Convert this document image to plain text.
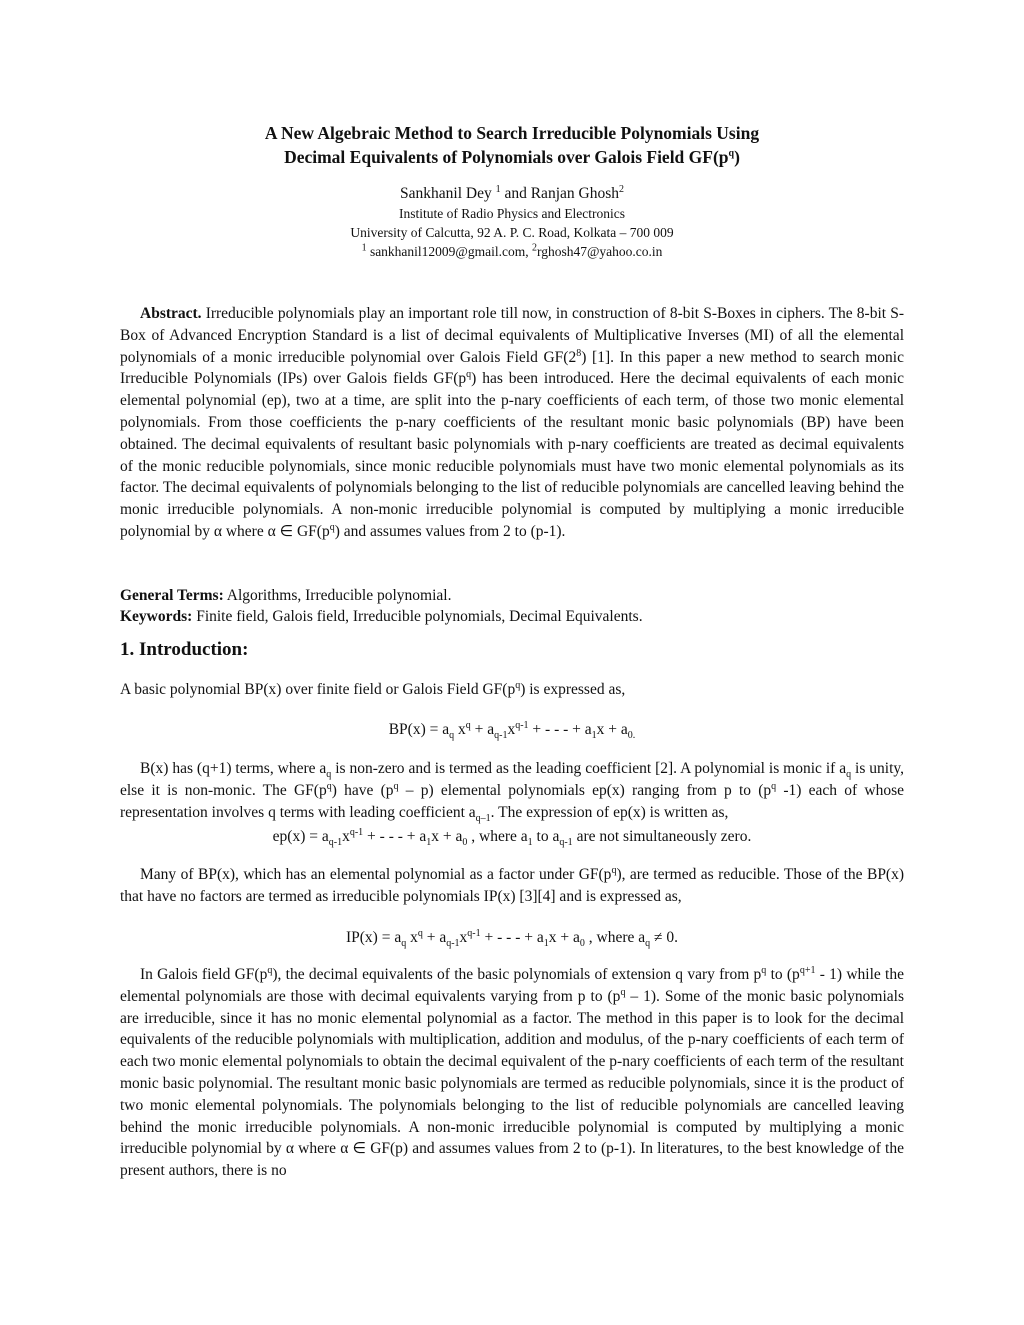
A New Algebraic Method to Search Irreducible Polynomials Using
Decimal Equivalents of Polynomials over Galois Field $GF(p^q)$
Sankhanil Dey $^1$ and Ranjan Ghosh$^2$
Institute of Radio Physics and Electronics
University of Calcutta, 92 A. P. C. Road, Kolkata – 700 009
$^1$ sankhanil12009@gmail.com, $^2$rghosh47@yahoo.co.in

Abstract. Irreducible polynomials play an important role till now, in construction of 8-bit S-Boxes in ciphers. The 8-bit S-Box of Advanced Encryption Standard is a list of decimal equivalents of Multiplicative Inverses (MI) of all the elemental polynomials of a monic irreducible polynomial over Galois Field $GF(2^8)$ [1]. In this paper a new method to search monic Irreducible Polynomials (IPs) over Galois fields $GF(p^q)$ has been introduced. Here the decimal equivalents of each monic elemental polynomial (ep), two at a time, are split into the p-nary coefficients of each term, of those two monic elemental polynomials. From those coefficients the p-nary coefficients of the resultant monic basic polynomials (BP) have been obtained. The decimal equivalents of resultant basic polynomials with p-nary coefficients are treated as decimal equivalents of the monic reducible polynomials, since monic reducible polynomials must have two monic elemental polynomials as its factor. The decimal equivalents of polynomials belonging to the list of reducible polynomials are cancelled leaving behind the monic irreducible polynomials. A non-monic irreducible polynomial is computed by multiplying a monic irreducible polynomial by α where α ∈ $GF(p^q)$ and assumes values from 2 to (p-1).

General Terms: Algorithms, Irreducible polynomial.
Keywords: Finite field, Galois field, Irreducible polynomials, Decimal Equivalents.
1. Introduction:
A basic polynomial BP(x) over finite field or Galois Field $GF(p^q)$ is expressed as,
$BP(x) = a_q$ $x^q + a_{q-1}x^{q-1}$ + - - - + $a_1x + a_{0.}$

B(x) has (q+1) terms, where $a_q$ is non-zero and is termed as the leading coefficient [2]. A polynomial is monic if $a_q$ is unity, else it is non-monic. The $GF(p^q)$ have $(p^q - p)$ elemental polynomials ep(x) ranging from p to ($p^q$ -1) each of whose representation involves q terms with leading coefficient $a_{q-1}$. The expression of ep(x) is written as,

$ep(x) = a_{q-1}x^{q-1}$ + - - - + $a_1x + a_0$ , where $a_1$ to $a_{q-1}$ are not simultaneously zero.

Many of BP(x), which has an elemental polynomial as a factor under $GF(p^q)$, are termed as reducible. Those of the BP(x) that have no factors are termed as irreducible polynomials IP(x) [3][4] and is expressed as,

$IP(x) = a_q$ $x^q + a_{q-1}x^{q-1}$ + - - - + $a_1x + a_0$ , where $a_q \ne 0$.

In Galois field $GF(p^q)$, the decimal equivalents of the basic polynomials of extension q vary from $p^q$ to $(p^{q+1} - 1)$ while the elemental polynomials are those with decimal equivalents varying from p to $(p^q - 1)$. Some of the monic basic polynomials are irreducible, since it has no monic elemental polynomial as a factor. The method in this paper is to look for the decimal equivalents of the reducible polynomials with multiplication, addition and modulus, of the p-nary coefficients of each term of each two monic elemental polynomials to obtain the decimal equivalent of the p-nary coefficients of each term of the resultant monic basic polynomial. The resultant monic basic polynomials are termed as reducible polynomials, since it is the product of two monic elemental polynomials. The polynomials belonging to the list of reducible polynomials are cancelled leaving behind the monic irreducible polynomials. A non-monic irreducible polynomial is computed by multiplying a monic irreducible polynomial by α where α ∈ GF(p) and assumes values from 2 to (p-1). In literatures, to the best knowledge of the present authors, there is no
